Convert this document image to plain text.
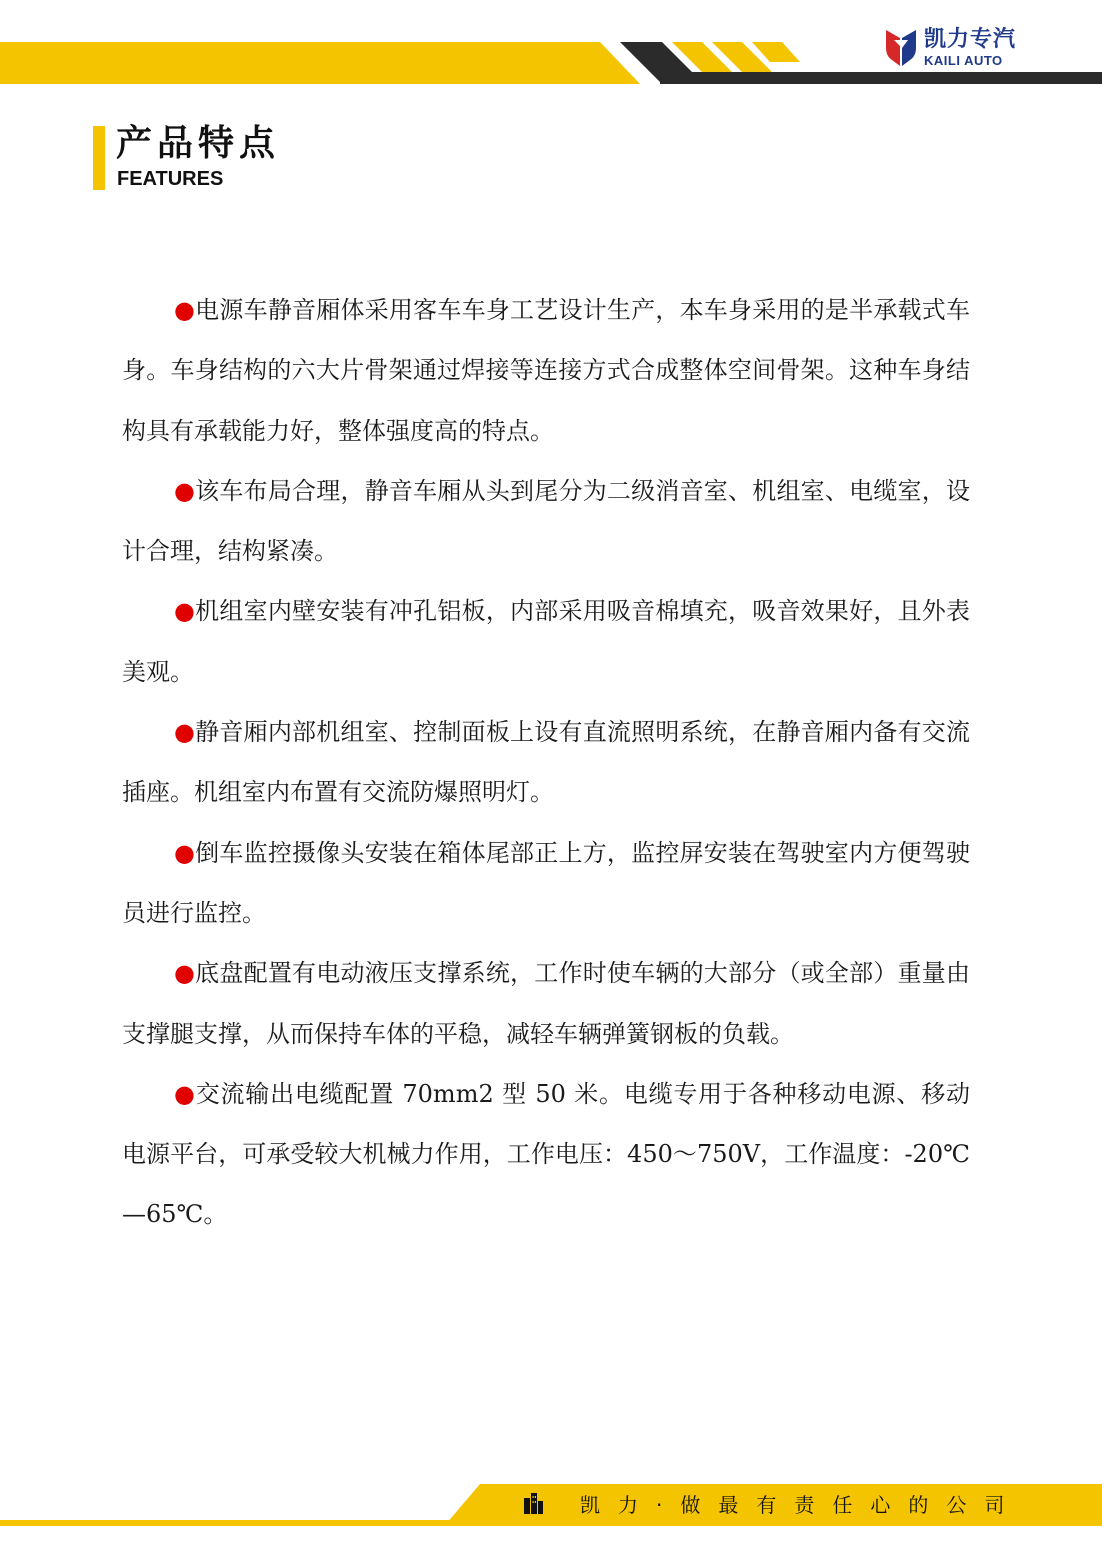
凯力专汽
KAILI AUTO
产品特点
FEATURES

●电源车静音厢体采用客车车身工艺设计生产，本车身采用的是半承载式车身。车身结构的六大片骨架通过焊接等连接方式合成整体空间骨架。这种车身结构具有承载能力好，整体强度高的特点。

●该车布局合理，静音车厢从头到尾分为二级消音室、机组室、电缆室，设计合理，结构紧凑。

●机组室内壁安装有冲孔铝板，内部采用吸音棉填充，吸音效果好，且外表美观。

●静音厢内部机组室、控制面板上设有直流照明系统，在静音厢内备有交流插座。机组室内布置有交流防爆照明灯。

●倒车监控摄像头安装在箱体尾部正上方，监控屏安装在驾驶室内方便驾驶员进行监控。

●底盘配置有电动液压支撑系统，工作时使车辆的大部分（或全部）重量由支撑腿支撑，从而保持车体的平稳，减轻车辆弹簧钢板的负载。

●交流输出电缆配置 70mm2 型 50 米。电缆专用于各种移动电源、移动电源平台，可承受较大机械力作用，工作电压：450～750V，工作温度：-20℃—65℃。

凯力·做最有责任心的公司
